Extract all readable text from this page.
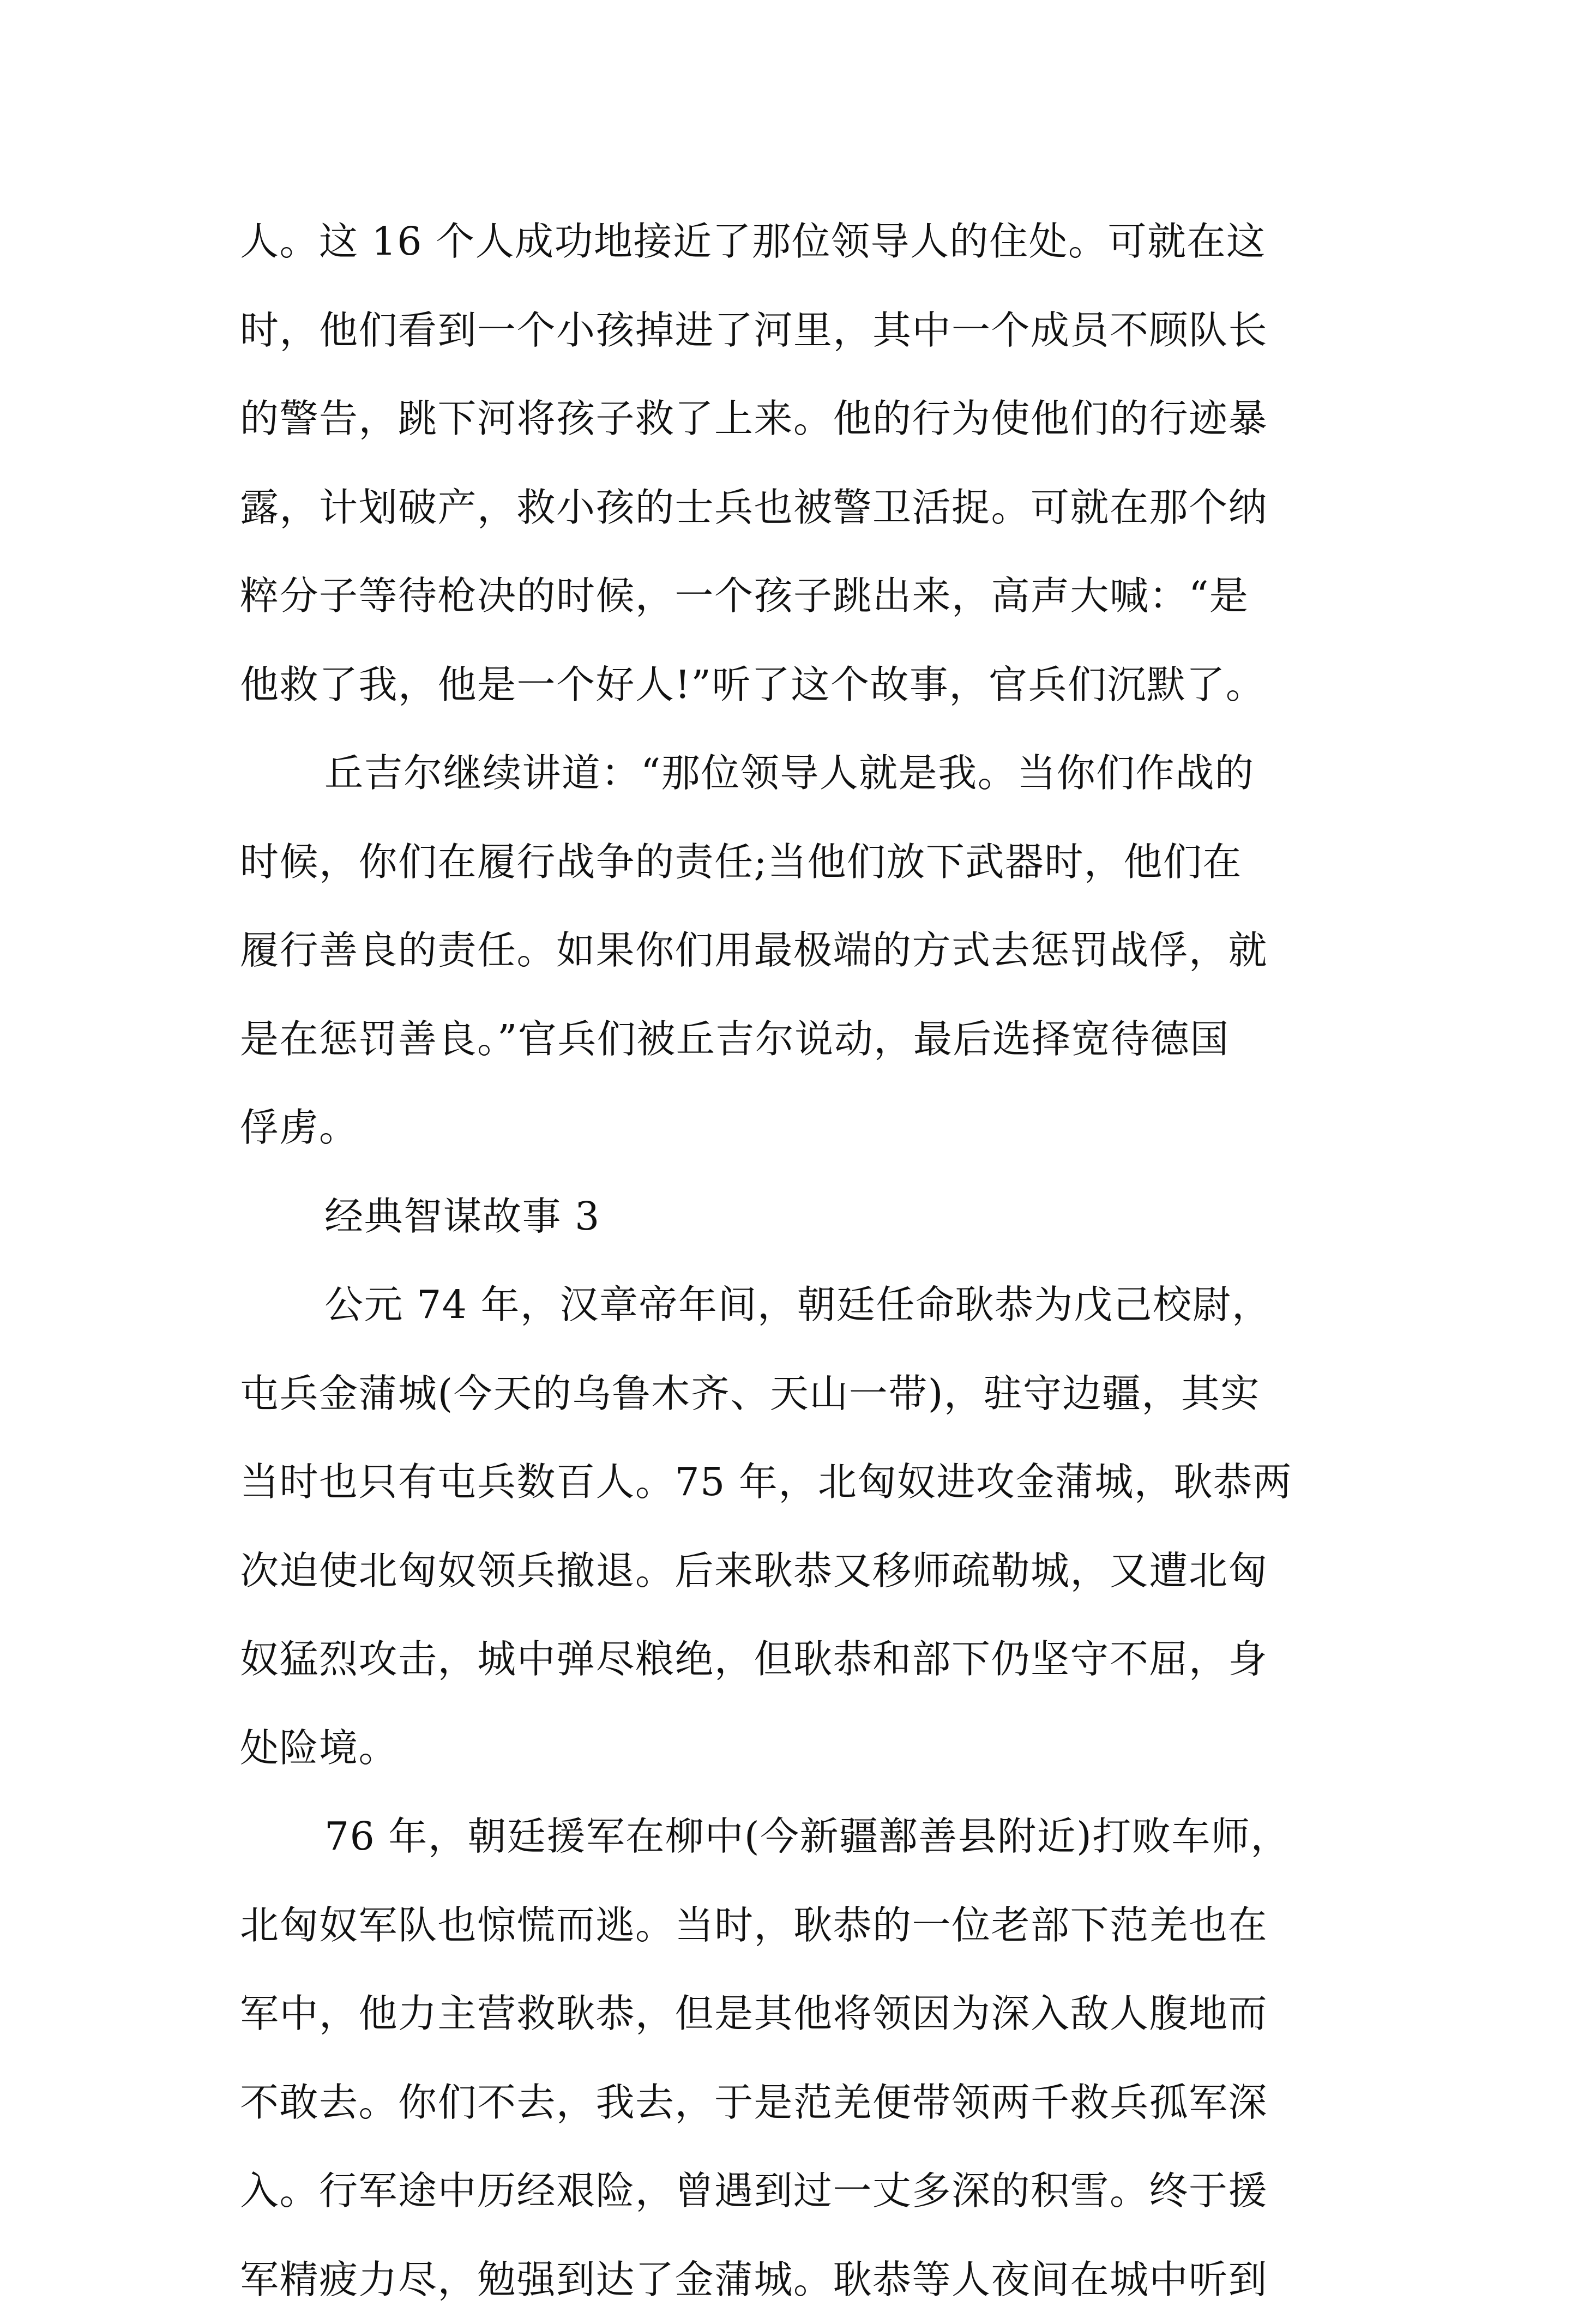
人。这 16 个人成功地接近了那位领导人的住处。可就在这
时，他们看到一个小孩掉进了河里，其中一个成员不顾队长
的警告，跳下河将孩子救了上来。他的行为使他们的行迹暴
露，计划破产，救小孩的士兵也被警卫活捉。可就在那个纳
粹分子等待枪决的时候，一个孩子跳出来，高声大喊：“是
他救了我，他是一个好人!”听了这个故事，官兵们沉默了。
丘吉尔继续讲道：“那位领导人就是我。当你们作战的
时候，你们在履行战争的责任;当他们放下武器时，他们在
履行善良的责任。如果你们用最极端的方式去惩罚战俘，就
是在惩罚善良。”官兵们被丘吉尔说动，最后选择宽待德国
俘虏。
经典智谋故事 3
公元 74 年，汉章帝年间，朝廷任命耿恭为戊己校尉，
屯兵金蒲城(今天的乌鲁木齐、天山一带)，驻守边疆，其实
当时也只有屯兵数百人。75 年，北匈奴进攻金蒲城，耿恭两
次迫使北匈奴领兵撤退。后来耿恭又移师疏勒城，又遭北匈
奴猛烈攻击，城中弹尽粮绝，但耿恭和部下仍坚守不屈，身
处险境。
76 年，朝廷援军在柳中(今新疆鄯善县附近)打败车师，
北匈奴军队也惊慌而逃。当时，耿恭的一位老部下范羌也在
军中，他力主营救耿恭，但是其他将领因为深入敌人腹地而
不敢去。你们不去，我去，于是范羌便带领两千救兵孤军深
入。行军途中历经艰险，曾遇到过一丈多深的积雪。终于援
军精疲力尽，勉强到达了金蒲城。耿恭等人夜间在城中听到
